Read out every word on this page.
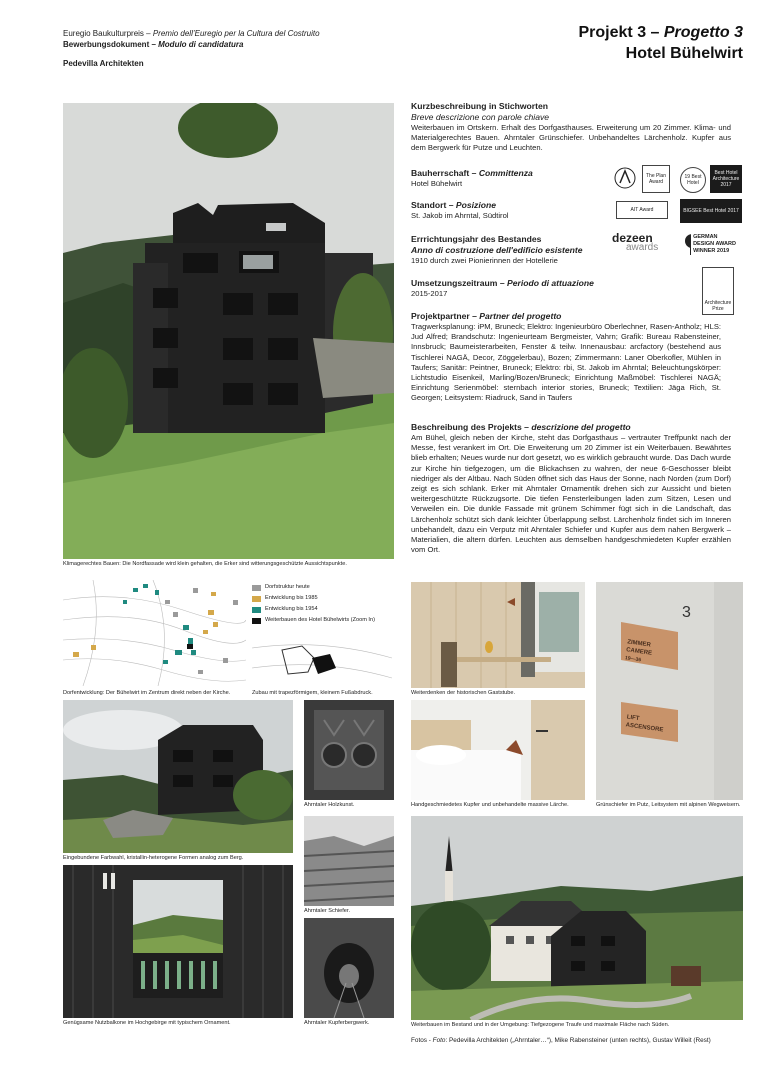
Euregio Baukulturpreis – Premio dell’Euregio per la Cultura del Costruito
Bewerbungsdokument – Modulo di candidatura
Pedevilla Architekten
Projekt 3 – Progetto 3
Hotel Bühelwirt
Klimagerechtes Bauen: Die Nordfassade wird klein gehalten, die Erker sind witterungsgeschützte Aussichtspunkte.
Kurzbeschreibung in Stichworten
Breve descrizione con parole chiave
Weiterbauen im Ortskern. Erhalt des Dorfgasthauses. Erweiterung um 20 Zimmer. Klima- und Materialgerechtes Bauen. Ahrntaler Grünschiefer. Unbehandeltes Lärchenholz. Kupfer aus dem Bergwerk für Putze und Leuchten.
Bauherrschaft – Committenza
Hotel Bühelwirt
Standort – Posizione
St. Jakob im Ahrntal, Südtirol
Errrichtungsjahr des Bestandes
Anno di costruzione dell'edificio esistente
1910 durch zwei Pionierinnen der Hotellerie
Umsetzungszeitraum – Periodo di attuazione
2015-2017
Projektpartner – Partner del progetto
Tragwerksplanung: iPM, Bruneck; Elektro: Ingenieurbüro Oberlechner, Rasen-Antholz; HLS: Jud Alfred; Brandschutz: Ingenieurteam Bergmeister, Vahrn; Grafik: Bureau Rabensteiner, Innsbruck; Baumeisterarbeiten, Fenster & teilw. Innenausbau: arcfactory (bestehend aus Tischlerei NAGÄ, Decor, Zöggelerbau), Bozen; Zimmermann: Laner Oberkofler, Mühlen in Taufers; Sanitär: Peintner, Bruneck; Elektro: rbi, St. Jakob im Ahrntal; Beleuchtungskörper: Lichtstudio Eisenkeil, Marling/Bozen/Bruneck; Einrichtung Maßmöbel: Tischlerei NAGÄ; Einrichtung Serienmöbel: sternbach interior stories, Bruneck; Textilien: Jäga Rich, St. Georgen; Leitsystem: Riadruck, Sand in Taufers
Beschreibung des Projekts – descrizione del progetto
Am Bühel, gleich neben der Kirche, steht das Dorfgasthaus – vertrauter Treffpunkt nach der Messe, fest verankert im Ort. Die Erweiterung um 20 Zimmer ist ein Weiterbauen. Bewährtes blieb erhalten; Neues wurde nur dort gesetzt, wo es wirklich gebraucht wurde. Das Dach wurde zur Kirche hin tiefgezogen, um die Blickachsen zu wahren, der neue 6-Geschosser bleibt niedriger als der Altbau. Nach Süden öffnet sich das Haus der Sonne, nach Norden (zum Dorf) zeigt es sich schlank. Erker mit Ahrntaler Ornamentik drehen sich zur Aussicht und bieten weitergeschützte Rückzugsorte. Die tiefen Fensterleibungen laden zum Sitzen, Lesen und Verweilen ein. Die dunkle Fassade mit grünem Schimmer fügt sich in die Landschaft, das Lärchenholz schützt sich dank leichter Überlappung selbst. Lärchenholz findet sich im Inneren unbehandelt, dazu ein Verputz mit Ahrntaler Schiefer und Kupfer aus dem nahen Bergwerk – Materialien, die altern dürfen. Leuchten aus demselben handgeschmiedeten Kupfer erzählen vom Ort.
The Plan Award
19 Best Hotel
Best Hotel Architecture 2017
AIT Award	BIGSEE Best Hotel 2017
dezeen
awards
GERMAN DESIGN AWARD WINNER 2019
Architecture Prize
Dorfstruktur heute
Entwicklung bis 1985
Entwicklung bis 1954
Weiterbauen des Hotel Bühelwirts (Zoom In)
Dorfentwicklung: Der Bühelwirt im Zentrum direkt neben der Kirche.	Zubau mit trapezförmigem, kleinem Fußabdruck.	Weiterdenken der historischen Gaststube.
3
ZIMMER
CAMERE
19—36
LIFT
ASCENSORE
Handgeschmiedetes Kupfer und unbehandelte massive Lärche.	Grünschiefer im Putz, Leitsystem mit alpinen Wegweisern.
Eingebundene Farbwahl, kristallin-heterogene Formen analog zum Berg.
Ahrntaler Holzkunst.
Ahrntaler Schiefer.
Ahrntaler Kupferbergwerk.
Genügsame Nutzbalkone im Hochgebirge mit typischem Ornament.	Weiterbauen im Bestand und in der Umgebung: Tiefgezogene Traufe und maximale Fläche nach Süden.
Fotos - Foto: Pedevilla Architekten („Ahrntaler…“), Mike Rabensteiner (unten rechts), Gustav Willeit (Rest)
